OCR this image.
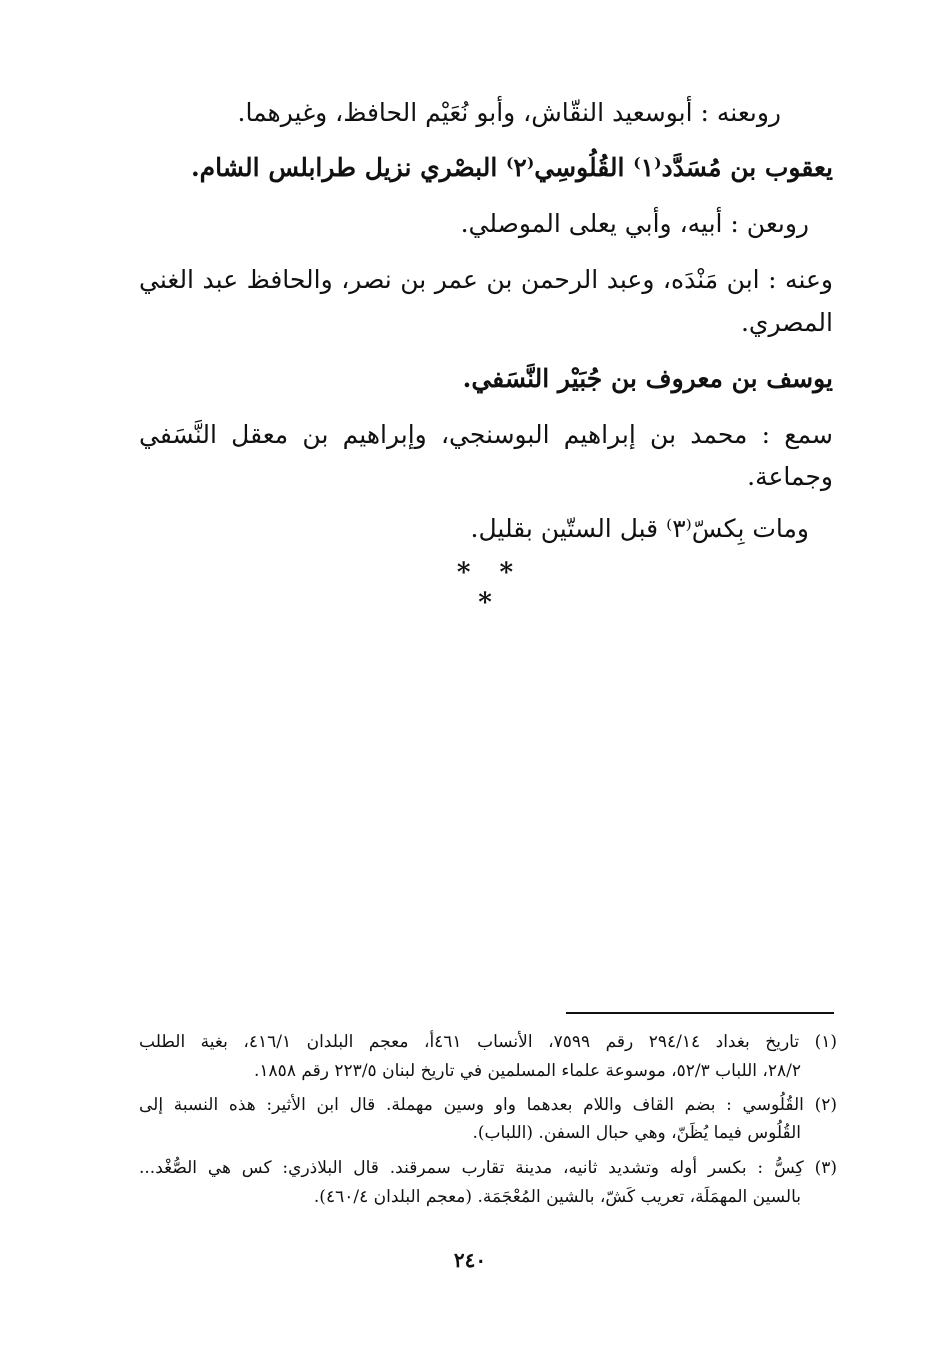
روىعنه : أبوسعيد النقّاش، وأبو نُعَيْم الحافظ، وغيرهما.
يعقوب بن مُسَدَّد⁽١⁾ القُلُوسِي⁽٢⁾ البصْري نزيل طرابلس الشام.
روىعن : أبيه، وأبي يعلى الموصلي.
وعنه : ابن مَنْدَه، وعبد الرحمن بن عمر بن نصر، والحافظ عبد الغني
المصري.
يوسف بن معروف بن جُبَيْر النَّسَفي.
سمع : محمد بن إبراهيم البوسنجي، وإبراهيم بن معقل النَّسَفي
وجماعة.
ومات بِكسّ⁽٣⁾ قبل الستّين بقليل.
* * *
(١) تاريخ بغداد ٢٩٤/١٤ رقم ٧٥٩٩، الأنساب ٤٦١أ، معجم البلدان ٤١٦/١، بغية الطلب
٢٨/٢، اللباب ٥٢/٣، موسوعة علماء المسلمين في تاريخ لبنان ٢٢٣/٥ رقم ١٨٥٨.
(٢) القُلُوسي : بضم القاف واللام بعدهما واو وسين مهملة. قال ابن الأثير: هذه النسبة إلى
القُلُوس فيما يُظَنّ، وهي حبال السفن. (اللباب).
(٣) كِسُّ : بكسر أوله وتشديد ثانيه، مدينة تقارب سمرقند. قال البلاذري: كس هي الصُّغْد...
بالسين المهمَلَة، تعريب كَشّ، بالشين المُعْجَمَة. (معجم البلدان ٤٦٠/٤).
٢٤٠
